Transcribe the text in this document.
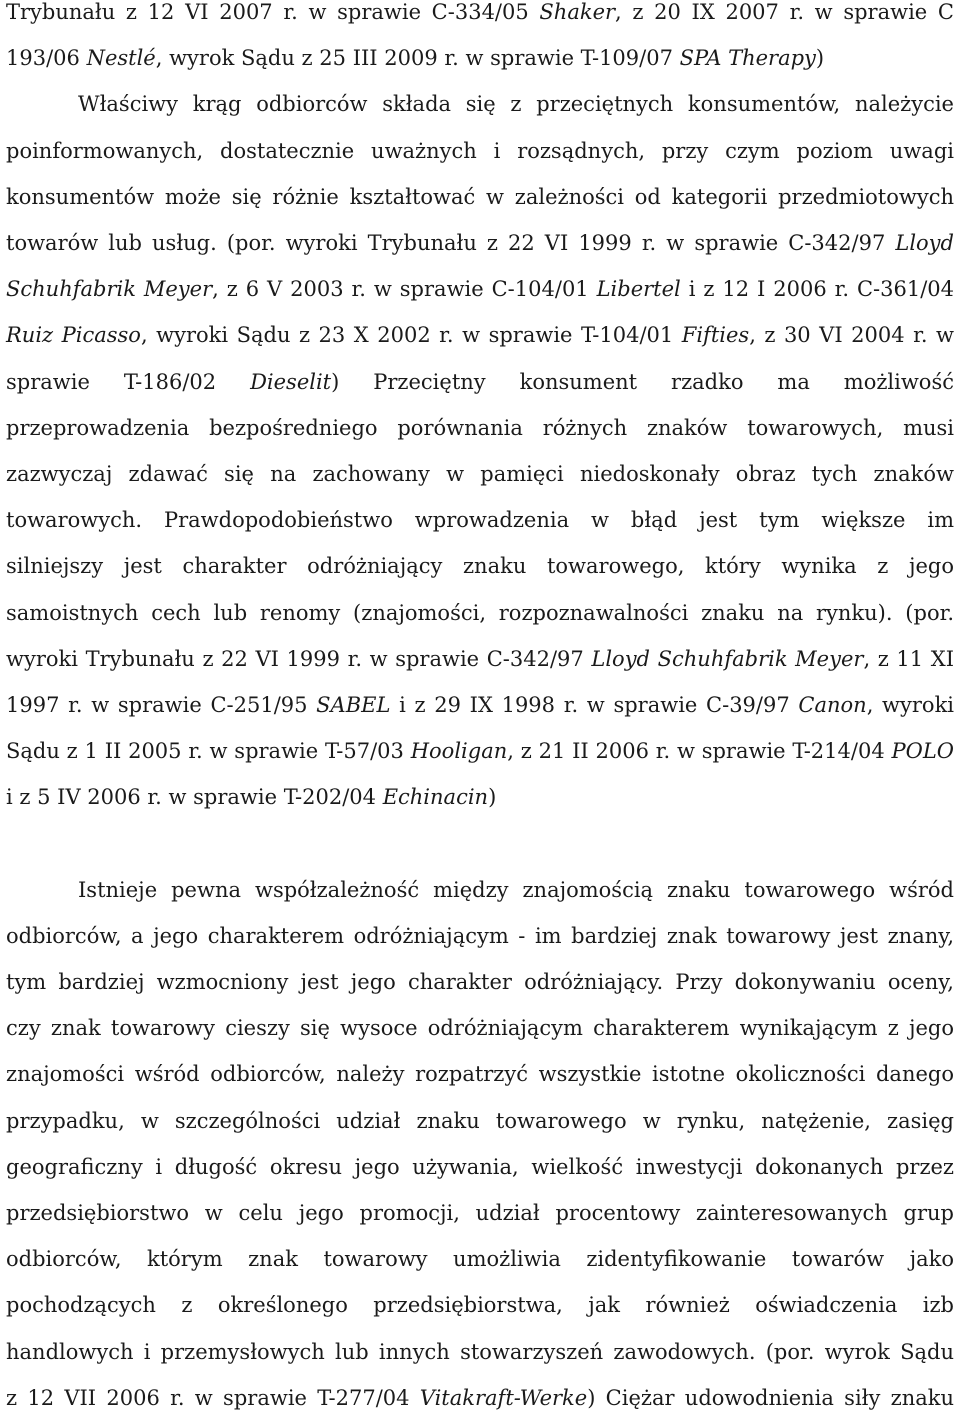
Trybunału z 12 VI 2007 r. w sprawie C-334/05 Shaker, z 20 IX 2007 r. w sprawie C
193/06 Nestlé, wyrok Sądu z 25 III 2009 r. w sprawie T-109/07 SPA Therapy)
Właściwy krąg odbiorców składa się z przeciętnych konsumentów, należycie
poinformowanych, dostatecznie uważnych i rozsądnych, przy czym poziom uwagi
konsumentów może się różnie kształtować w zależności od kategorii przedmiotowych
towarów lub usług. (por. wyroki Trybunału z 22 VI 1999 r. w sprawie C-342/97 Lloyd
Schuhfabrik Meyer, z 6 V 2003 r. w sprawie C-104/01 Libertel i z 12 I 2006 r. C-361/04
Ruiz Picasso, wyroki Sądu z 23 X 2002 r. w sprawie T-104/01 Fifties, z 30 VI 2004 r. w
sprawie T-186/02 Dieselit) Przeciętny konsument rzadko ma możliwość
przeprowadzenia bezpośredniego porównania różnych znaków towarowych, musi
zazwyczaj zdawać się na zachowany w pamięci niedoskonały obraz tych znaków
towarowych. Prawdopodobieństwo wprowadzenia w błąd jest tym większe im
silniejszy jest charakter odróżniający znaku towarowego, który wynika z jego
samoistnych cech lub renomy (znajomości, rozpoznawalności znaku na rynku). (por.
wyroki Trybunału z 22 VI 1999 r. w sprawie C-342/97 Lloyd Schuhfabrik Meyer, z 11 XI
1997 r. w sprawie C-251/95 SABEL i z 29 IX 1998 r. w sprawie C-39/97 Canon, wyroki
Sądu z 1 II 2005 r. w sprawie T-57/03 Hooligan, z 21 II 2006 r. w sprawie T-214/04 POLO
i z 5 IV 2006 r. w sprawie T-202/04 Echinacin)
Istnieje pewna współzależność między znajomością znaku towarowego wśród
odbiorców, a jego charakterem odróżniającym - im bardziej znak towarowy jest znany,
tym bardziej wzmocniony jest jego charakter odróżniający. Przy dokonywaniu oceny,
czy znak towarowy cieszy się wysoce odróżniającym charakterem wynikającym z jego
znajomości wśród odbiorców, należy rozpatrzyć wszystkie istotne okoliczności danego
przypadku, w szczególności udział znaku towarowego w rynku, natężenie, zasięg
geograficzny i długość okresu jego używania, wielkość inwestycji dokonanych przez
przedsiębiorstwo w celu jego promocji, udział procentowy zainteresowanych grup
odbiorców, którym znak towarowy umożliwia zidentyfikowanie towarów jako
pochodzących z określonego przedsiębiorstwa, jak również oświadczenia izb
handlowych i przemysłowych lub innych stowarzyszeń zawodowych. (por. wyrok Sądu
z 12 VII 2006 r. w sprawie T-277/04 Vitakraft-Werke) Ciężar udowodnienia siły znaku
